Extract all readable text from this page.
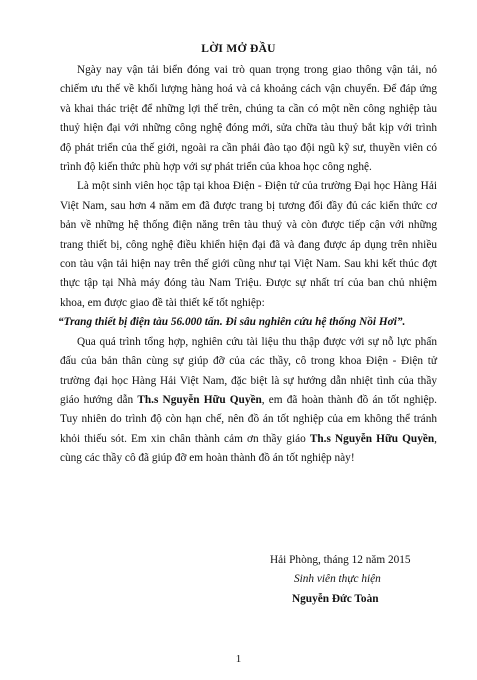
LỜI MỞ ĐẦU

Ngày nay vận tải biển đóng vai trò quan trọng trong giao thông vận tải, nó chiếm ưu thế về khối lượng hàng hoá và cả khoảng cách vận chuyển. Để đáp ứng và khai thác triệt để những lợi thế trên, chúng ta cần có một nền công nghiệp tàu thuỷ hiện đại với những công nghệ đóng mới, sửa chữa tàu thuỷ bắt kịp với trình độ phát triển của thế giới, ngoài ra cần phải đào tạo đội ngũ kỹ sư, thuyền viên có trình độ kiến thức phù hợp với sự phát triển của khoa học công nghệ.

Là một sinh viên học tập tại khoa Điện - Điện tử của trường Đại học Hàng Hải Việt Nam, sau hơn 4 năm em đã được trang bị tương đối đầy đủ các kiến thức cơ bản về những hệ thống điện năng trên tàu thuỷ và còn được tiếp cận với những trang thiết bị, công nghệ điều khiển hiện đại đã và đang được áp dụng trên nhiều con tàu vận tải hiện nay trên thế giới cũng như tại Việt Nam. Sau khi kết thúc đợt thực tập tại Nhà máy đóng tàu Nam Triệu. Được sự nhất trí của ban chủ nhiệm khoa, em được giao đề tài thiết kế tốt nghiệp:

“Trang thiết bị điện tàu 56.000 tấn. Đi sâu nghiên cứu hệ thống Nồi Hơi”.

Qua quá trình tổng hợp, nghiên cứu tài liệu thu thập được với sự nỗ lực phấn đấu của bản thân cùng sự giúp đỡ của các thầy, cô trong khoa Điện - Điện tử trường đại học Hàng Hải Việt Nam, đặc biệt là sự hướng dẫn nhiệt tình của thầy giáo hướng dẫn Th.s Nguyễn Hữu Quyền, em đã hoàn thành đồ án tốt nghiệp. Tuy nhiên do trình độ còn hạn chế, nên đồ án tốt nghiệp của em không thể tránh khỏi thiếu sót. Em xin chân thành cảm ơn thầy giáo Th.s Nguyễn Hữu Quyền, cùng các thầy cô đã giúp đỡ em hoàn thành đồ án tốt nghiệp này!

Hải Phòng, tháng 12 năm 2015
Sinh viên thực hiện
Nguyễn Đức Toàn
1
